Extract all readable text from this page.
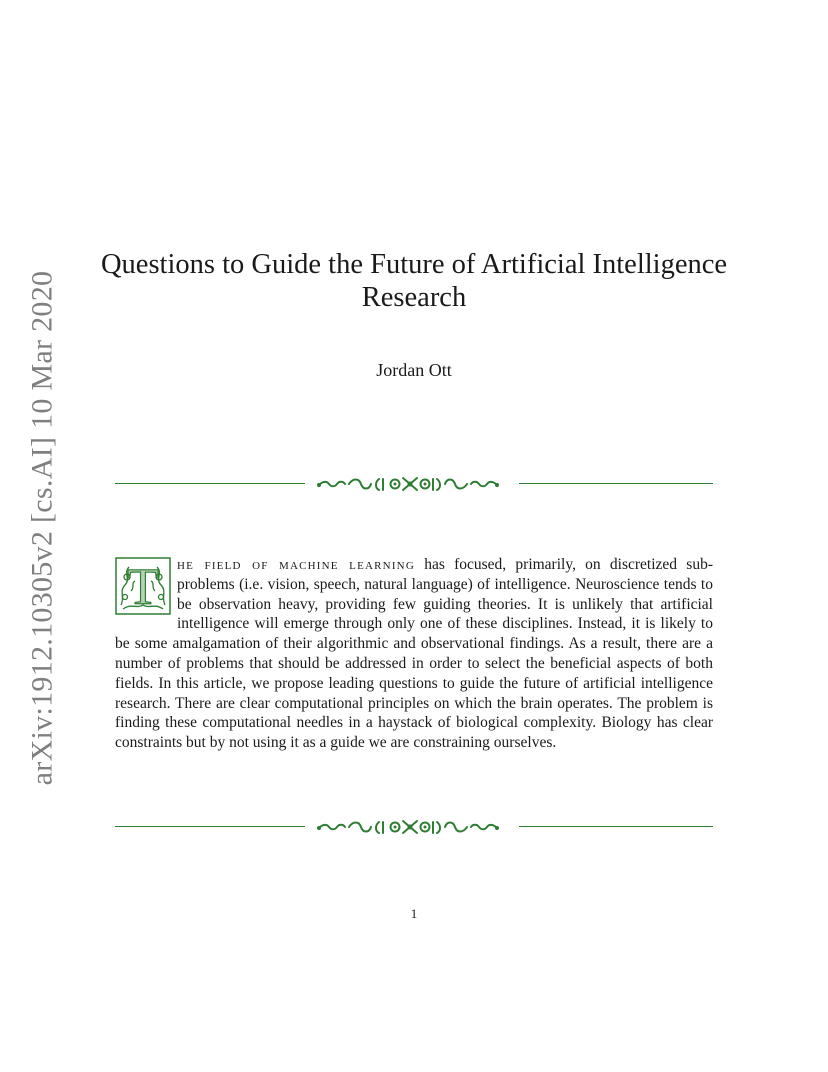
arXiv:1912.10305v2 [cs.AI] 10 Mar 2020
Questions to Guide the Future of Artificial Intelligence Research
Jordan Ott
T	he field of machine learning has focused, primarily, on discretized sub-problems (i.e. vision, speech, natural language) of intelligence. Neuroscience tends to be observation heavy, providing few guiding theories. It is unlikely that artificial intelligence will emerge through only one of these disciplines. Instead, it is likely to be some amalgamation of their algorithmic and observational findings. As a result, there are a number of problems that should be addressed in order to select the beneficial aspects of both fields. In this article, we propose leading questions to guide the future of artificial intelligence research. There are clear computational principles on which the brain operates. The problem is finding these computational needles in a haystack of biological complexity. Biology has clear constraints but by not using it as a guide we are constraining ourselves.

1
